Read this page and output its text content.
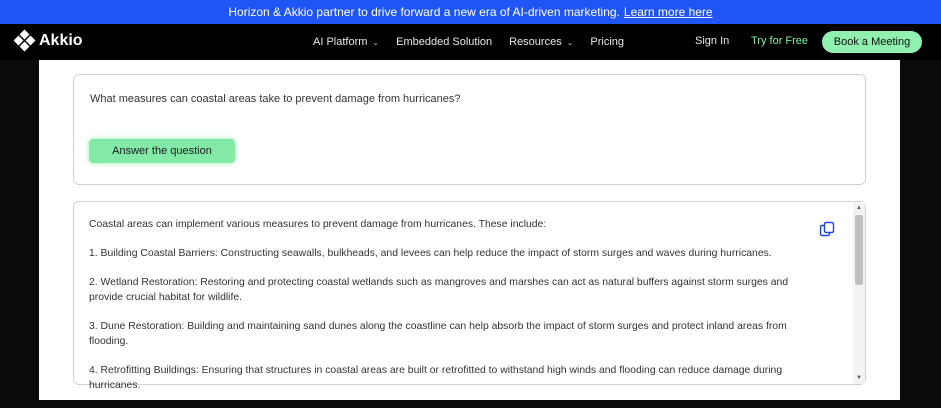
Horizon & Akkio partner to drive forward a new era of AI-driven marketing. Learn more here
Akkio	AI Platform ⌄ Embedded Solution Resources ⌄ Pricing	Sign In Try for Free	Book a Meeting
What measures can coastal areas take to prevent damage from hurricanes?
Answer the question

Coastal areas can implement various measures to prevent damage from hurricanes. These include:

1. Building Coastal Barriers: Constructing seawalls, bulkheads, and levees can help reduce the impact of storm surges and waves during hurricanes.

2. Wetland Restoration: Restoring and protecting coastal wetlands such as mangroves and marshes can act as natural buffers against storm surges and provide crucial habitat for wildlife.

3. Dune Restoration: Building and maintaining sand dunes along the coastline can help absorb the impact of storm surges and protect inland areas from flooding.

4. Retrofitting Buildings: Ensuring that structures in coastal areas are built or retrofitted to withstand high winds and flooding can reduce damage during hurricanes.

▲
▼
